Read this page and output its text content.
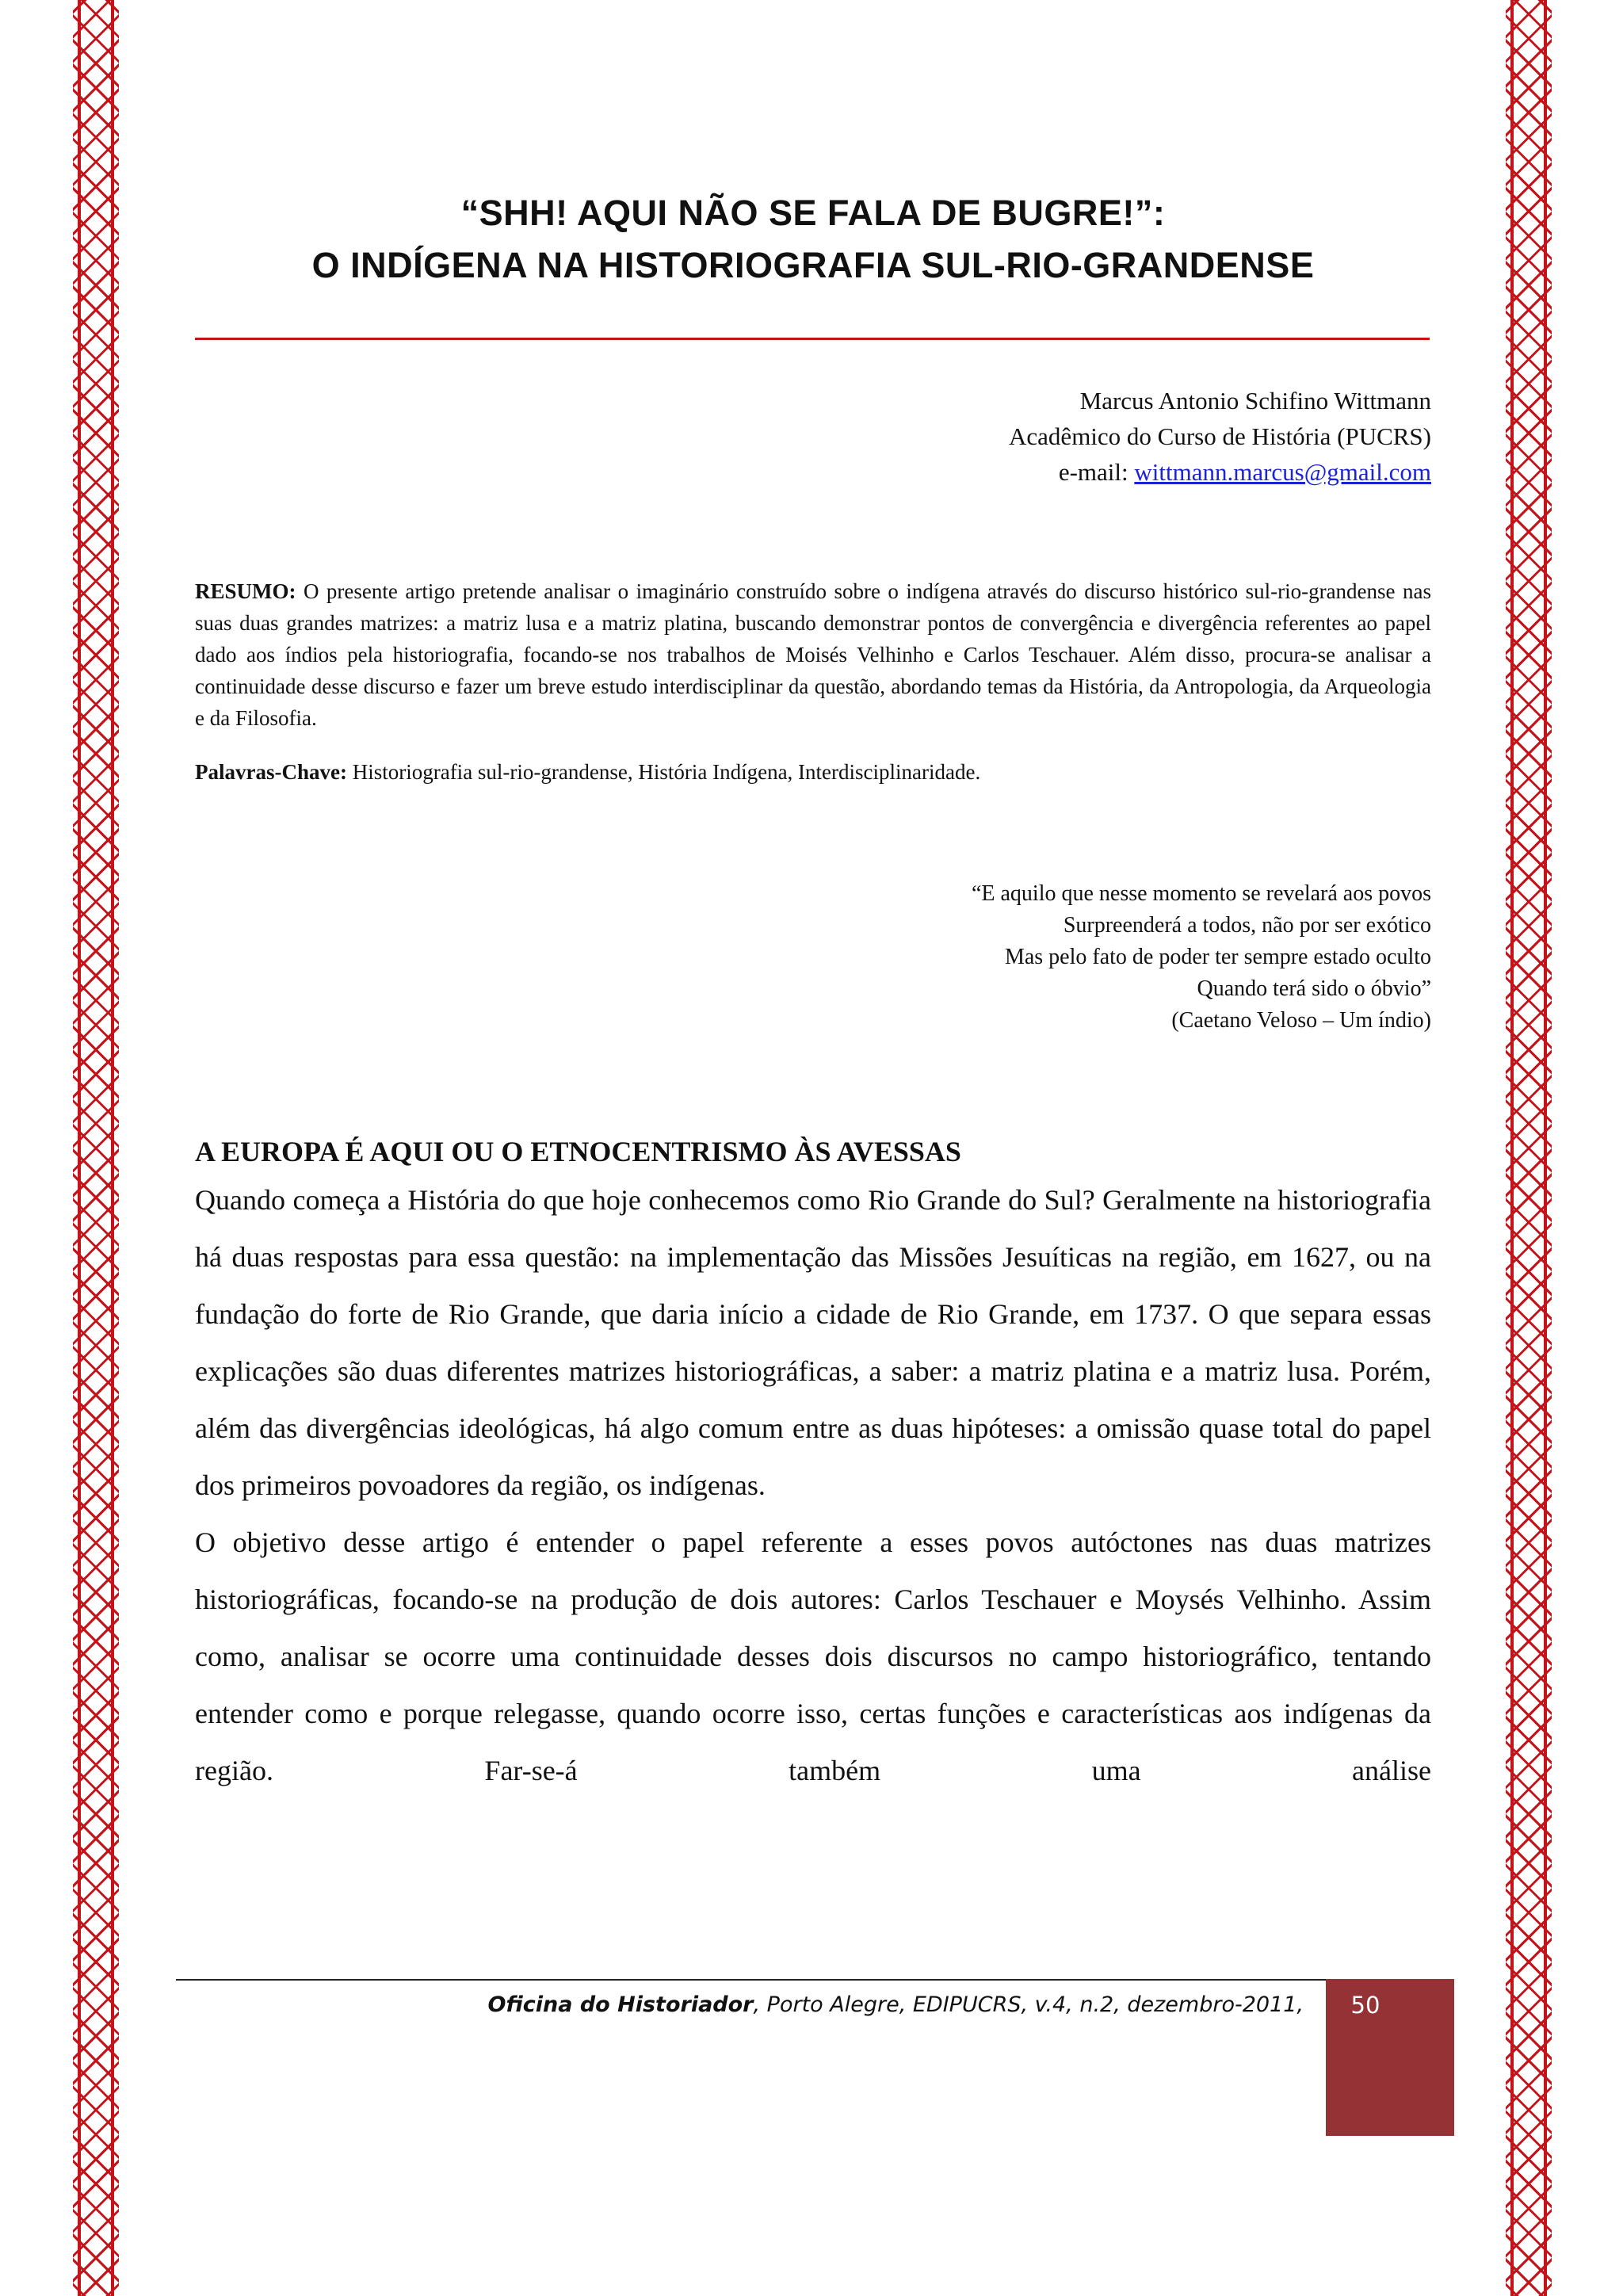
“SHH! AQUI NÃO SE FALA DE BUGRE!”:
O INDÍGENA NA HISTORIOGRAFIA SUL-RIO-GRANDENSE
Marcus Antonio Schifino Wittmann
Acadêmico do Curso de História (PUCRS)
e-mail: wittmann.marcus@gmail.com
RESUMO: O presente artigo pretende analisar o imaginário construído sobre o indígena através do discurso histórico sul-rio-grandense nas suas duas grandes matrizes: a matriz lusa e a matriz platina, buscando demonstrar pontos de convergência e divergência referentes ao papel dado aos índios pela historiografia, focando-se nos trabalhos de Moisés Velhinho e Carlos Teschauer. Além disso, procura-se analisar a continuidade desse discurso e fazer um breve estudo interdisciplinar da questão, abordando temas da História, da Antropologia, da Arqueologia e da Filosofia.
Palavras-Chave: Historiografia sul-rio-grandense, História Indígena, Interdisciplinaridade.
“E aquilo que nesse momento se revelará aos povos
Surpreenderá a todos, não por ser exótico
Mas pelo fato de poder ter sempre estado oculto
Quando terá sido o óbvio”
(Caetano Veloso – Um índio)
A EUROPA É AQUI OU O ETNOCENTRISMO ÀS AVESSAS

Quando começa a História do que hoje conhecemos como Rio Grande do Sul? Geralmente na historiografia há duas respostas para essa questão: na implementação das Missões Jesuíticas na região, em 1627, ou na fundação do forte de Rio Grande, que daria início a cidade de Rio Grande, em 1737. O que separa essas explicações são duas diferentes matrizes historiográficas, a saber: a matriz platina e a matriz lusa. Porém, além das divergências ideológicas, há algo comum entre as duas hipóteses: a omissão quase total do papel dos primeiros povoadores da região, os indígenas.

O objetivo desse artigo é entender o papel referente a esses povos autóctones nas duas matrizes historiográficas, focando-se na produção de dois autores: Carlos Teschauer e Moysés Velhinho. Assim como, analisar se ocorre uma continuidade desses dois discursos no campo historiográfico, tentando entender como e porque relegasse, quando ocorre isso, certas funções e características aos indígenas da região. Far-se-á também uma análise

Oficina do Historiador, Porto Alegre, EDIPUCRS, v.4, n.2, dezembro-2011,	50
